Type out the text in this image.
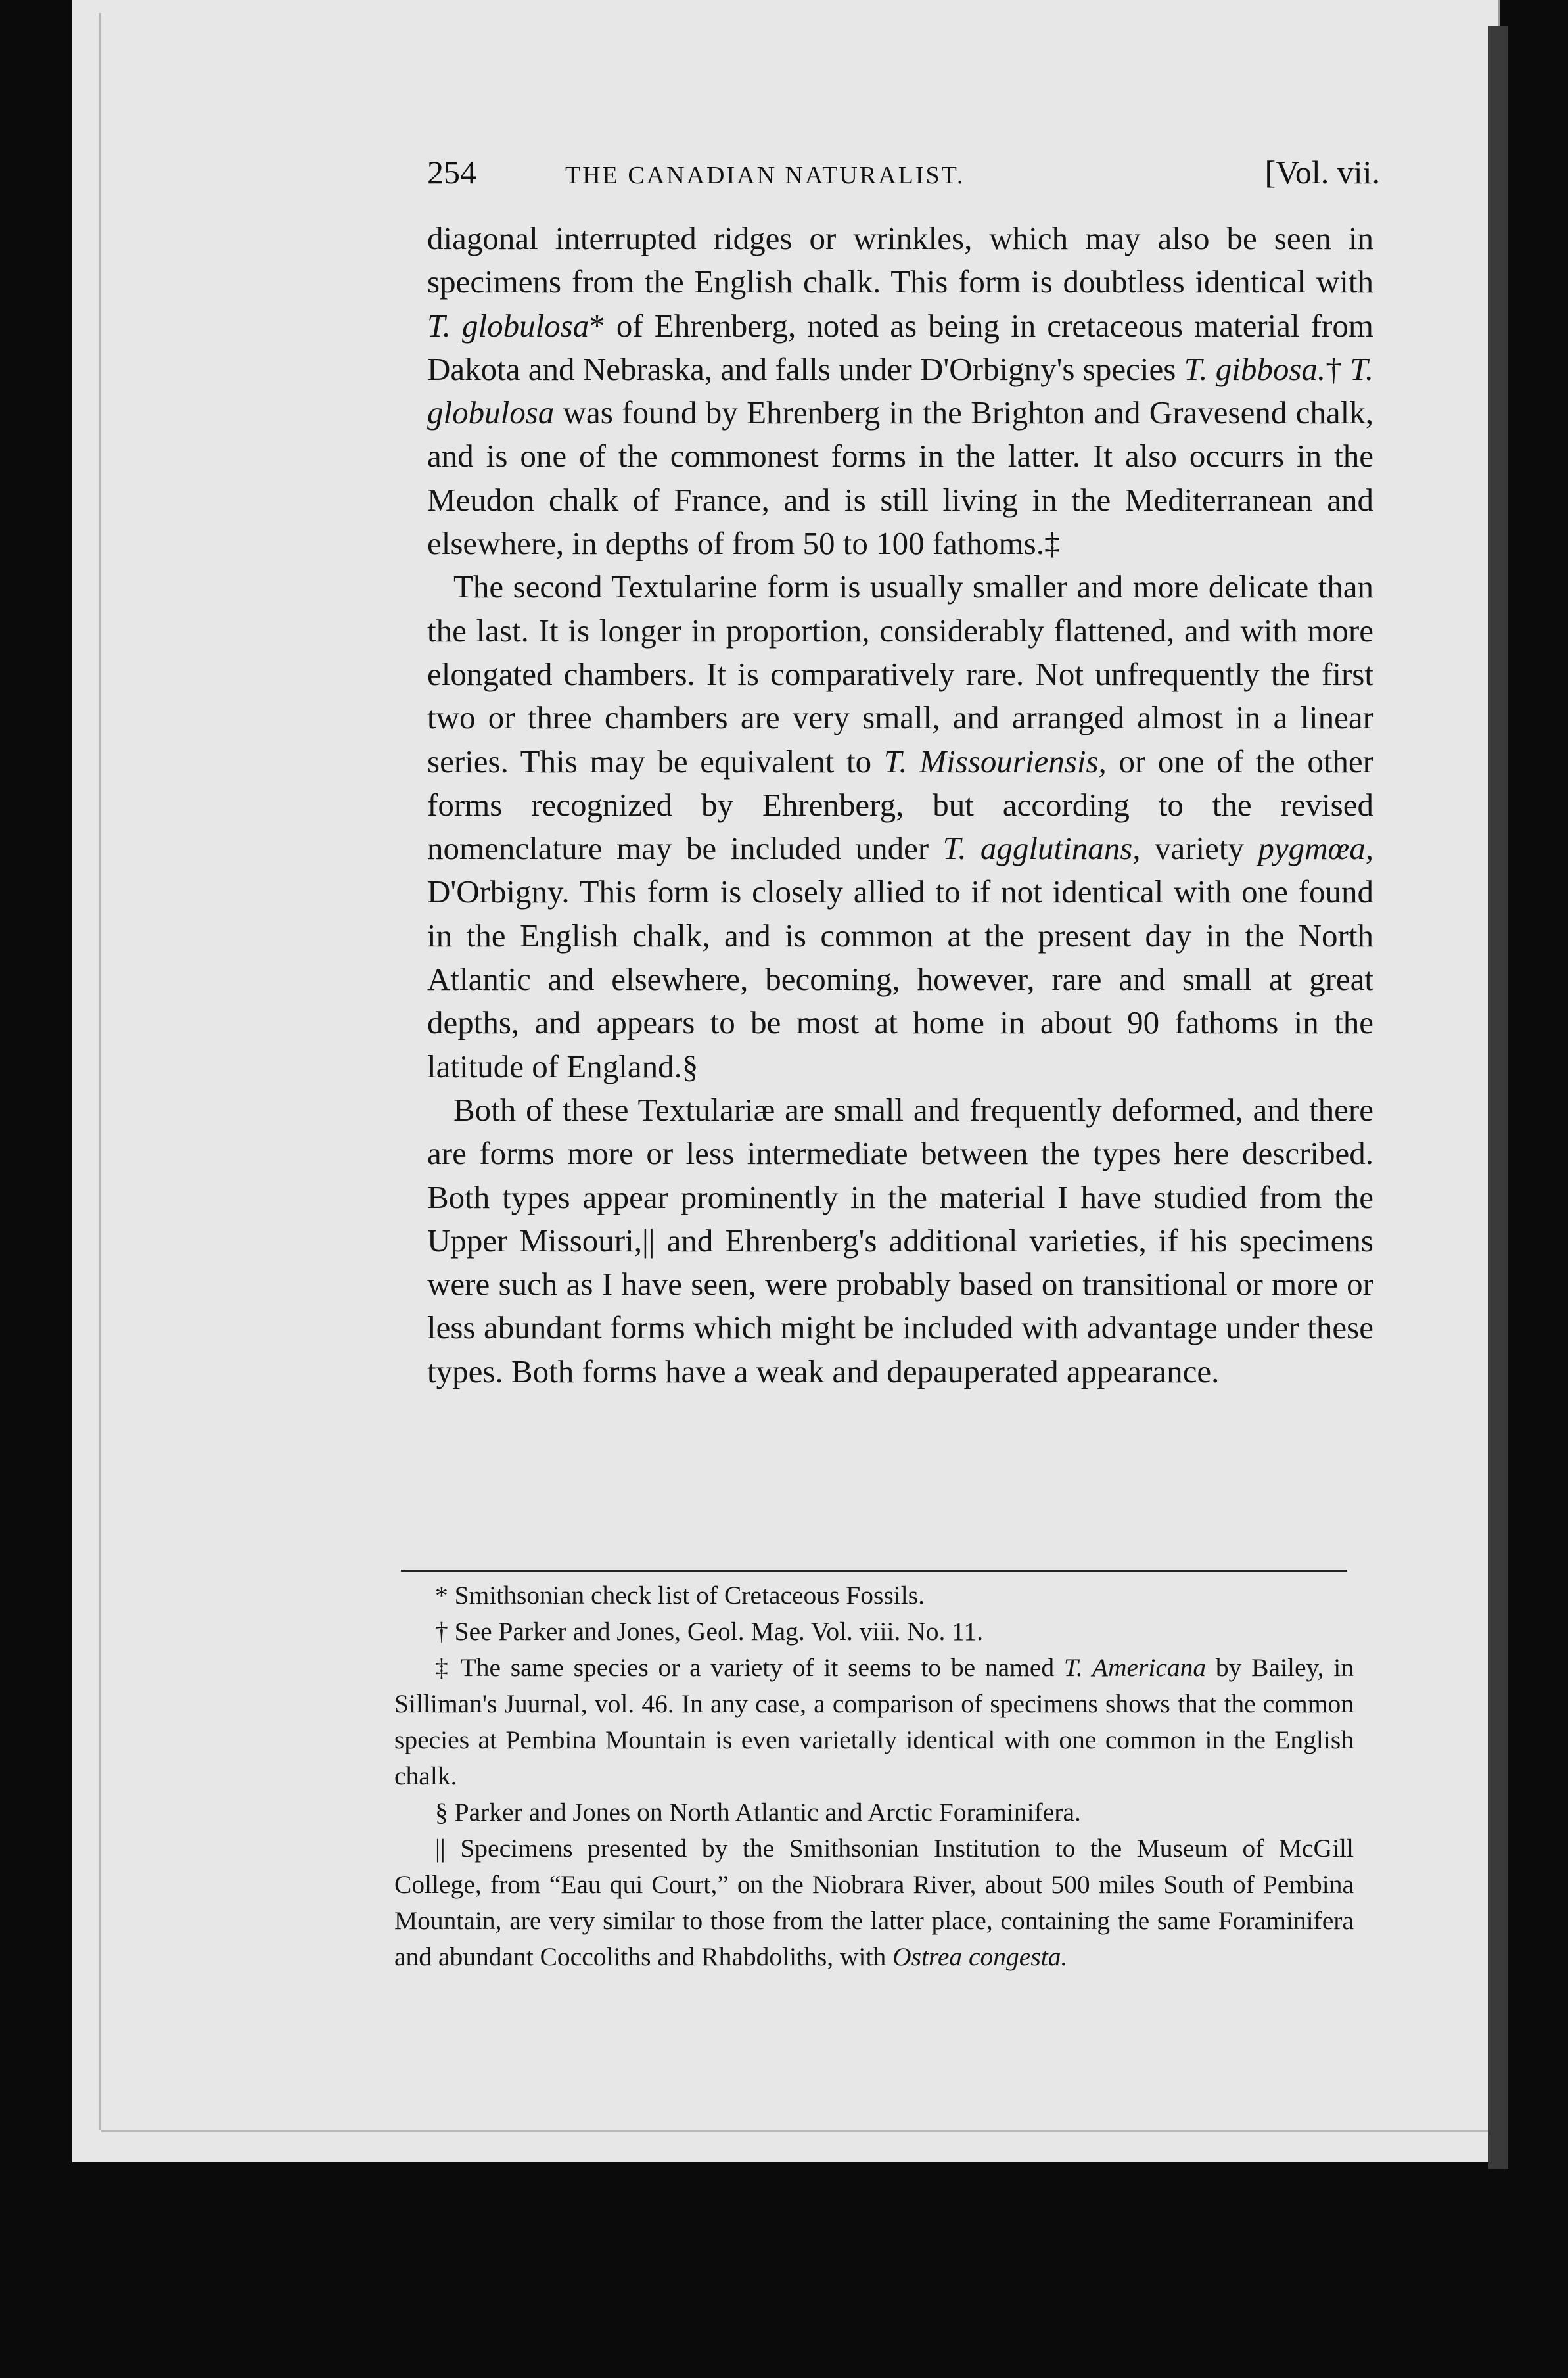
254	THE CANADIAN NATURALIST.	[Vol. vii.

diagonal interrupted ridges or wrinkles, which may also be seen in specimens from the English chalk. This form is doubtless identical with T. globulosa* of Ehrenberg, noted as being in cretaceous material from Dakota and Nebraska, and falls under D'Orbigny's species T. gibbosa.† T. globulosa was found by Ehrenberg in the Brighton and Gravesend chalk, and is one of the commonest forms in the latter. It also occurrs in the Meudon chalk of France, and is still living in the Mediterranean and elsewhere, in depths of from 50 to 100 fathoms.‡

The second Textularine form is usually smaller and more delicate than the last. It is longer in proportion, considerably flattened, and with more elongated chambers. It is comparatively rare. Not unfrequently the first two or three chambers are very small, and arranged almost in a linear series. This may be equivalent to T. Missouriensis, or one of the other forms recognized by Ehrenberg, but according to the revised nomenclature may be included under T. agglutinans, variety pygmœa, D'Orbigny. This form is closely allied to if not identical with one found in the English chalk, and is common at the present day in the North Atlantic and elsewhere, becoming, however, rare and small at great depths, and appears to be most at home in about 90 fathoms in the latitude of England.§

Both of these Textulariæ are small and frequently deformed, and there are forms more or less intermediate between the types here described. Both types appear prominently in the material I have studied from the Upper Missouri,|| and Ehrenberg's additional varieties, if his specimens were such as I have seen, were probably based on transitional or more or less abundant forms which might be included with advantage under these types. Both forms have a weak and depauperated appearance.

* Smithsonian check list of Cretaceous Fossils.

† See Parker and Jones, Geol. Mag. Vol. viii. No. 11.

‡ The same species or a variety of it seems to be named T. Americana by Bailey, in Silliman's Juurnal, vol. 46. In any case, a comparison of specimens shows that the common species at Pembina Mountain is even varietally identical with one common in the English chalk.

§ Parker and Jones on North Atlantic and Arctic Foraminifera.

|| Specimens presented by the Smithsonian Institution to the Museum of McGill College, from “Eau qui Court,” on the Niobrara River, about 500 miles South of Pembina Mountain, are very similar to those from the latter place, containing the same Foraminifera and abundant Coccoliths and Rhabdoliths, with Ostrea congesta.
